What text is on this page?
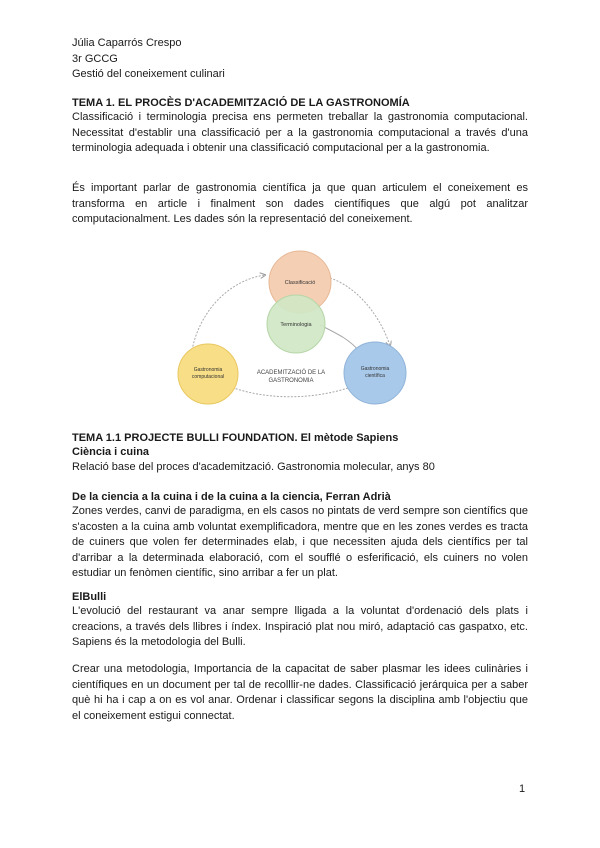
Júlia Caparrós Crespo
3r GCCG
Gestió del coneixement culinari
TEMA 1. EL PROCÈS D'ACADEMITZACIÓ DE LA GASTRONOMÍA
Classificació i terminologia precisa ens permeten treballar la gastronomia computacional. Necessitat d'establir una classificació per a la gastronomia computacional a través d'una terminologia adequada i obtenir una classificació computacional per a la gastronomia.
És important parlar de gastronomia científica ja que quan articulem el coneixement es transforma en article i finalment son dades científiques que algú pot analitzar computacionalment. Les dades són la representació del coneixement.
Classificació
Terminologia
Gastronomia
computacional
Gastronomia
científica
ACADEMITZACIÓ DE LA
GASTRONOMIA
TEMA 1.1 PROJECTE BULLI FOUNDATION. El mètode Sapiens
Ciència i cuina
Relació base del proces d'academització. Gastronomia molecular, anys 80
De la ciencia a la cuina i de la cuina a la ciencia, Ferran Adrià
Zones verdes, canvi de paradigma, en els casos no pintats de verd sempre son científics que s'acosten a la cuina amb voluntat exemplificadora, mentre que en les zones verdes es tracta de cuiners que volen fer determinades elab, i que necessiten ajuda dels científics per tal d'arribar a la determinada elaboració, com el soufflé o esferificació, els cuiners no volen estudiar un fenòmen científic, sino arribar a fer un plat.
ElBulli
L'evolució del restaurant va anar sempre lligada a la voluntat d'ordenació dels plats i creacions, a través dels llibres i índex. Inspiració plat nou miró, adaptació cas gaspatxo, etc. Sapiens és la metodologia del Bulli.
Crear una metodologia, Importancia de la capacitat de saber plasmar les idees culinàries i científiques en un document per tal de recolllir-ne dades. Classificació jerárquica per a saber què hi ha i cap a on es vol anar. Ordenar i classificar segons la disciplina amb l'objectiu que el coneixement estigui connectat.
1
